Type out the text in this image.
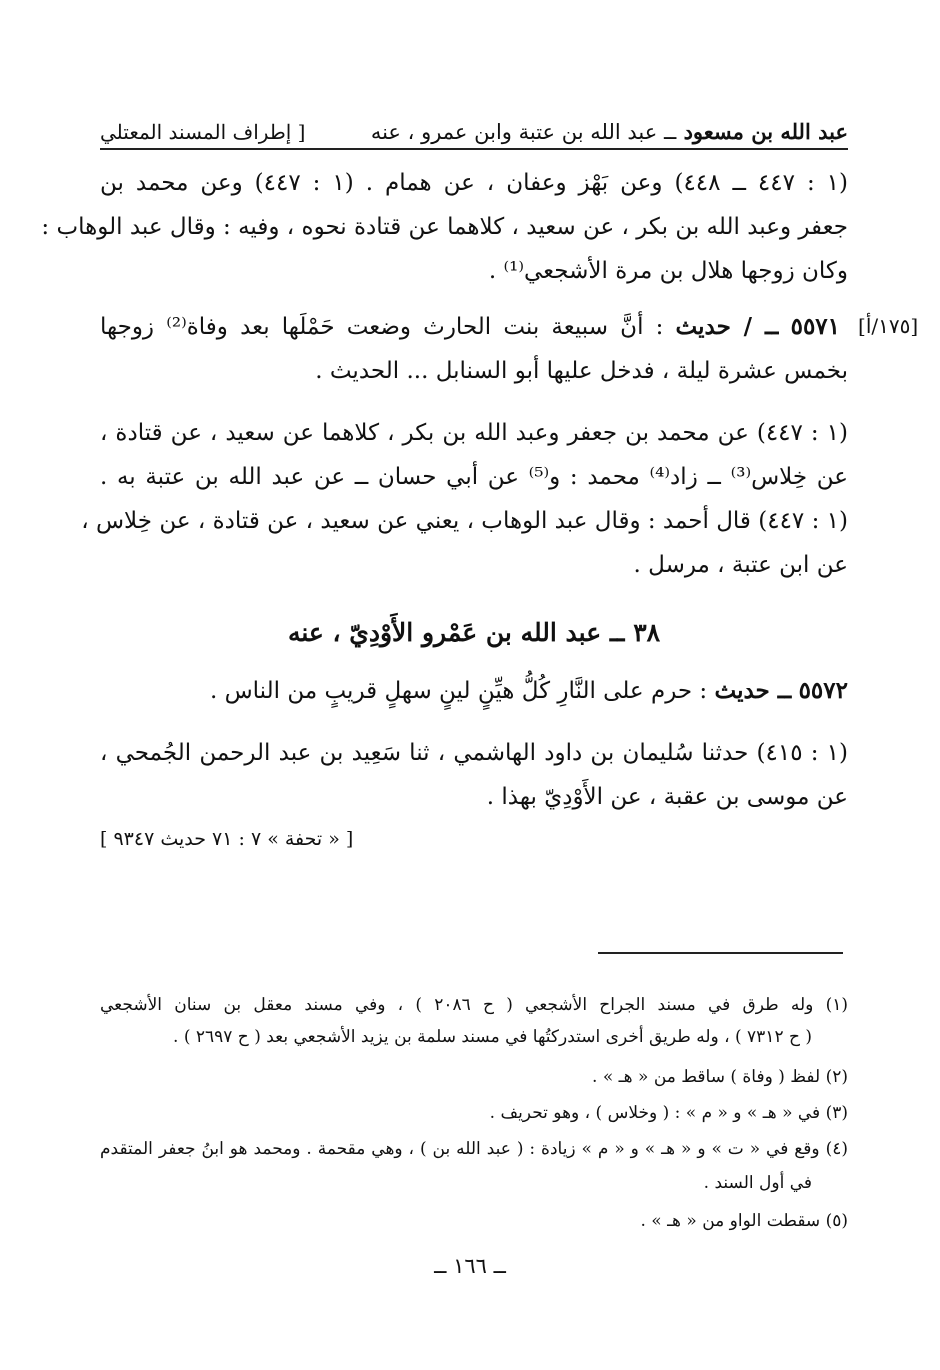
عبد الله بن مسعود ــ عبد الله بن عتبة وابن عمرو ، عنه
[ إطراف المسند المعتلي
(١ : ٤٤٧ ــ ٤٤٨) وعن بَهْز وعفان ، عن همام . (١ : ٤٤٧) وعن محمد بن
جعفر وعبد الله بن بكر ، عن سعيد ، كلاهما عن قتادة نحوه ، وفيه : وقال عبد الوهاب :
وكان زوجها هلال بن مرة الأشجعي⁽¹⁾ .
[١٧٥/أ]
٥٥٧١ ــ / حديث : أنَّ سبيعة بنت الحارث وضعت حَمْلَها بعد وفاة⁽²⁾ زوجها
بخمس عشرة ليلة ، فدخل عليها أبو السنابل ... الحديث .
(١ : ٤٤٧) عن محمد بن جعفر وعبد الله بن بكر ، كلاهما عن سعيد ، عن قتادة ،
عن خِلاس⁽³⁾ ــ زاد⁽⁴⁾ محمد : و⁽⁵⁾ عن أبي حسان ــ عن عبد الله بن عتبة به .
(١ : ٤٤٧) قال أحمد : وقال عبد الوهاب ، يعني عن سعيد ، عن قتادة ، عن خِلاس ،
عن ابن عتبة ، مرسل .
٣٨ ــ عبد الله بن عَمْرو الأَوْدِيّ ، عنه
٥٥٧٢ ــ حديث : حرم على النَّارِ كُلُّ هيِّنٍ لينٍ سهلٍ قريبٍ من الناس .
(١ : ٤١٥) حدثنا سُليمان بن داود الهاشمي ، ثنا سَعِيد بن عبد الرحمن الجُمحي ،
عن موسى بن عقبة ، عن الأَوْدِيّ بهذا .
[ « تحفة » ٧ : ٧١ حديث ٩٣٤٧ ]
(١) وله طرق في مسند الجراح الأشجعي ( ح ٢٠٨٦ ) ، وفي مسند معقل بن سنان الأشجعي
( ح ٧٣١٢ ) ، وله طريق أخرى استدركتُها في مسند سلمة بن يزيد الأشجعي بعد ( ح ٢٦٩٧ ) .
(٢) لفظ ( وفاة ) ساقط من « هـ » .
(٣) في « هـ » و « م » : ( وخلاس ) ، وهو تحريف .
(٤) وقع في « ت » و « هـ » و « م » زيادة : ( عبد الله بن ) ، وهي مقحمة . ومحمد هو ابنُ جعفر المتقدم
في أول السند .
(٥) سقطت الواو من « هـ » .
ــ ١٦٦ ــ
